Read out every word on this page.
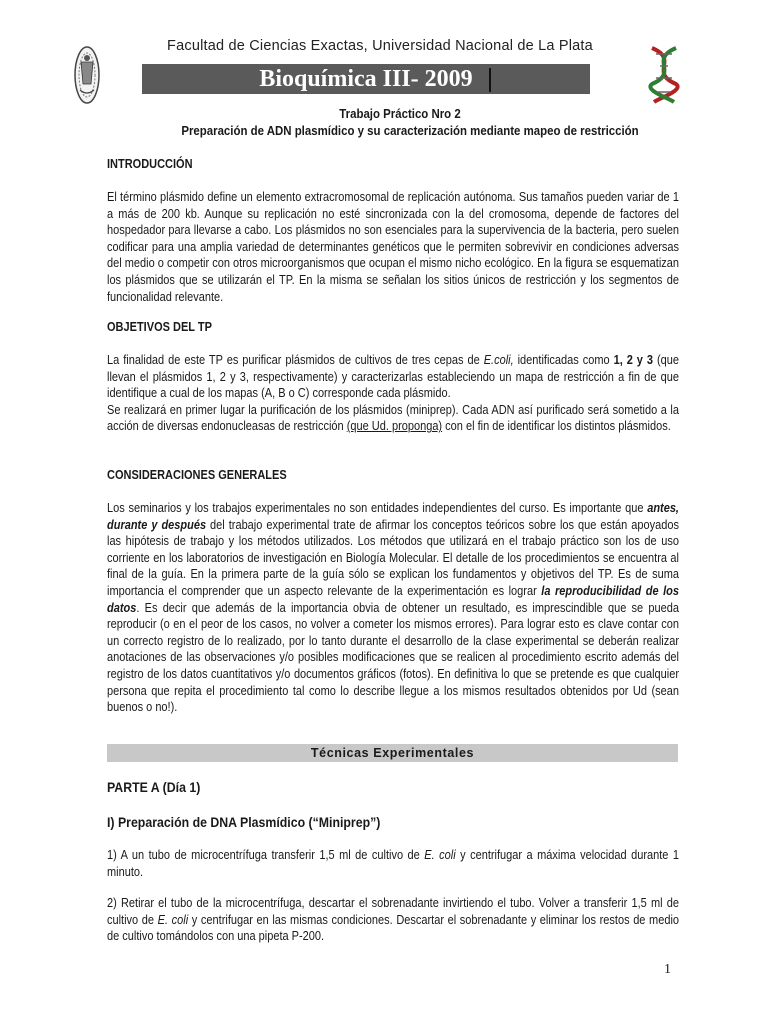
Facultad de Ciencias Exactas, Universidad Nacional de La Plata
Bioquímica III- 2009
Trabajo Práctico Nro 2
Preparación de ADN plasmídico y su caracterización mediante mapeo de restricción
INTRODUCCIÓN
El término plásmido define un elemento extracromosomal de replicación autónoma. Sus tamaños pueden variar de 1 a más de 200 kb. Aunque su replicación no esté sincronizada con la del cromosoma, depende de factores del hospedador para llevarse a cabo. Los plásmidos no son esenciales para la supervivencia de la bacteria, pero suelen codificar para una amplia variedad de determinantes genéticos que le permiten sobrevivir en condiciones adversas del medio o competir con otros microorganismos que ocupan el mismo nicho ecológico. En la figura se esquematizan los plásmidos que se utilizarán el TP. En la misma se señalan los sitios únicos de restricción y los segmentos de funcionalidad relevante.
OBJETIVOS DEL TP

La finalidad de este TP es purificar plásmidos de cultivos de tres cepas de E.coli, identificadas como 1, 2 y 3 (que llevan el plásmidos 1, 2 y 3, respectivamente) y caracterizarlas estableciendo un mapa de restricción a fin de que identifique a cual de los mapas (A, B o C) corresponde cada plásmido.

Se realizará en primer lugar la purificación de los plásmidos (miniprep). Cada ADN así purificado será sometido a la acción de diversas endonucleasas de restricción (que Ud. proponga) con el fin de identificar los distintos plásmidos.

CONSIDERACIONES GENERALES

Los seminarios y los trabajos experimentales no son entidades independientes del curso. Es importante que antes, durante y después del trabajo experimental trate de afirmar los conceptos teóricos sobre los que están apoyados las hipótesis de trabajo y los métodos utilizados. Los métodos que utilizará en el trabajo práctico son los de uso corriente en los laboratorios de investigación en Biología Molecular. El detalle de los procedimientos se encuentra al final de la guía. En la primera parte de la guía sólo se explican los fundamentos y objetivos del TP. Es de suma importancia el comprender que un aspecto relevante de la experimentación es lograr la reproducibilidad de los datos. Es decir que además de la importancia obvia de obtener un resultado, es imprescindible que se pueda reproducir (o en el peor de los casos, no volver a cometer los mismos errores). Para lograr esto es clave contar con un correcto registro de lo realizado, por lo tanto durante el desarrollo de la clase experimental se deberán realizar anotaciones de las observaciones y/o posibles modificaciones que se realicen al procedimiento escrito además del registro de los datos cuantitativos y/o documentos gráficos (fotos). En definitiva lo que se pretende es que cualquier persona que repita el procedimiento tal como lo describe llegue a los mismos resultados obtenidos por Ud (sean buenos o no!).

Técnicas Experimentales
PARTE A (Día 1)
I) Preparación de DNA Plasmídico (“Miniprep”)

1) A un tubo de microcentrífuga transferir 1,5 ml de cultivo de E. coli y centrifugar a máxima velocidad durante 1 minuto.

2) Retirar el tubo de la microcentrífuga, descartar el sobrenadante invirtiendo el tubo. Volver a transferir 1,5 ml de cultivo de E. coli y centrifugar en las mismas condiciones. Descartar el sobrenadante y eliminar los restos de medio de cultivo tomándolos con una pipeta P-200.

1
